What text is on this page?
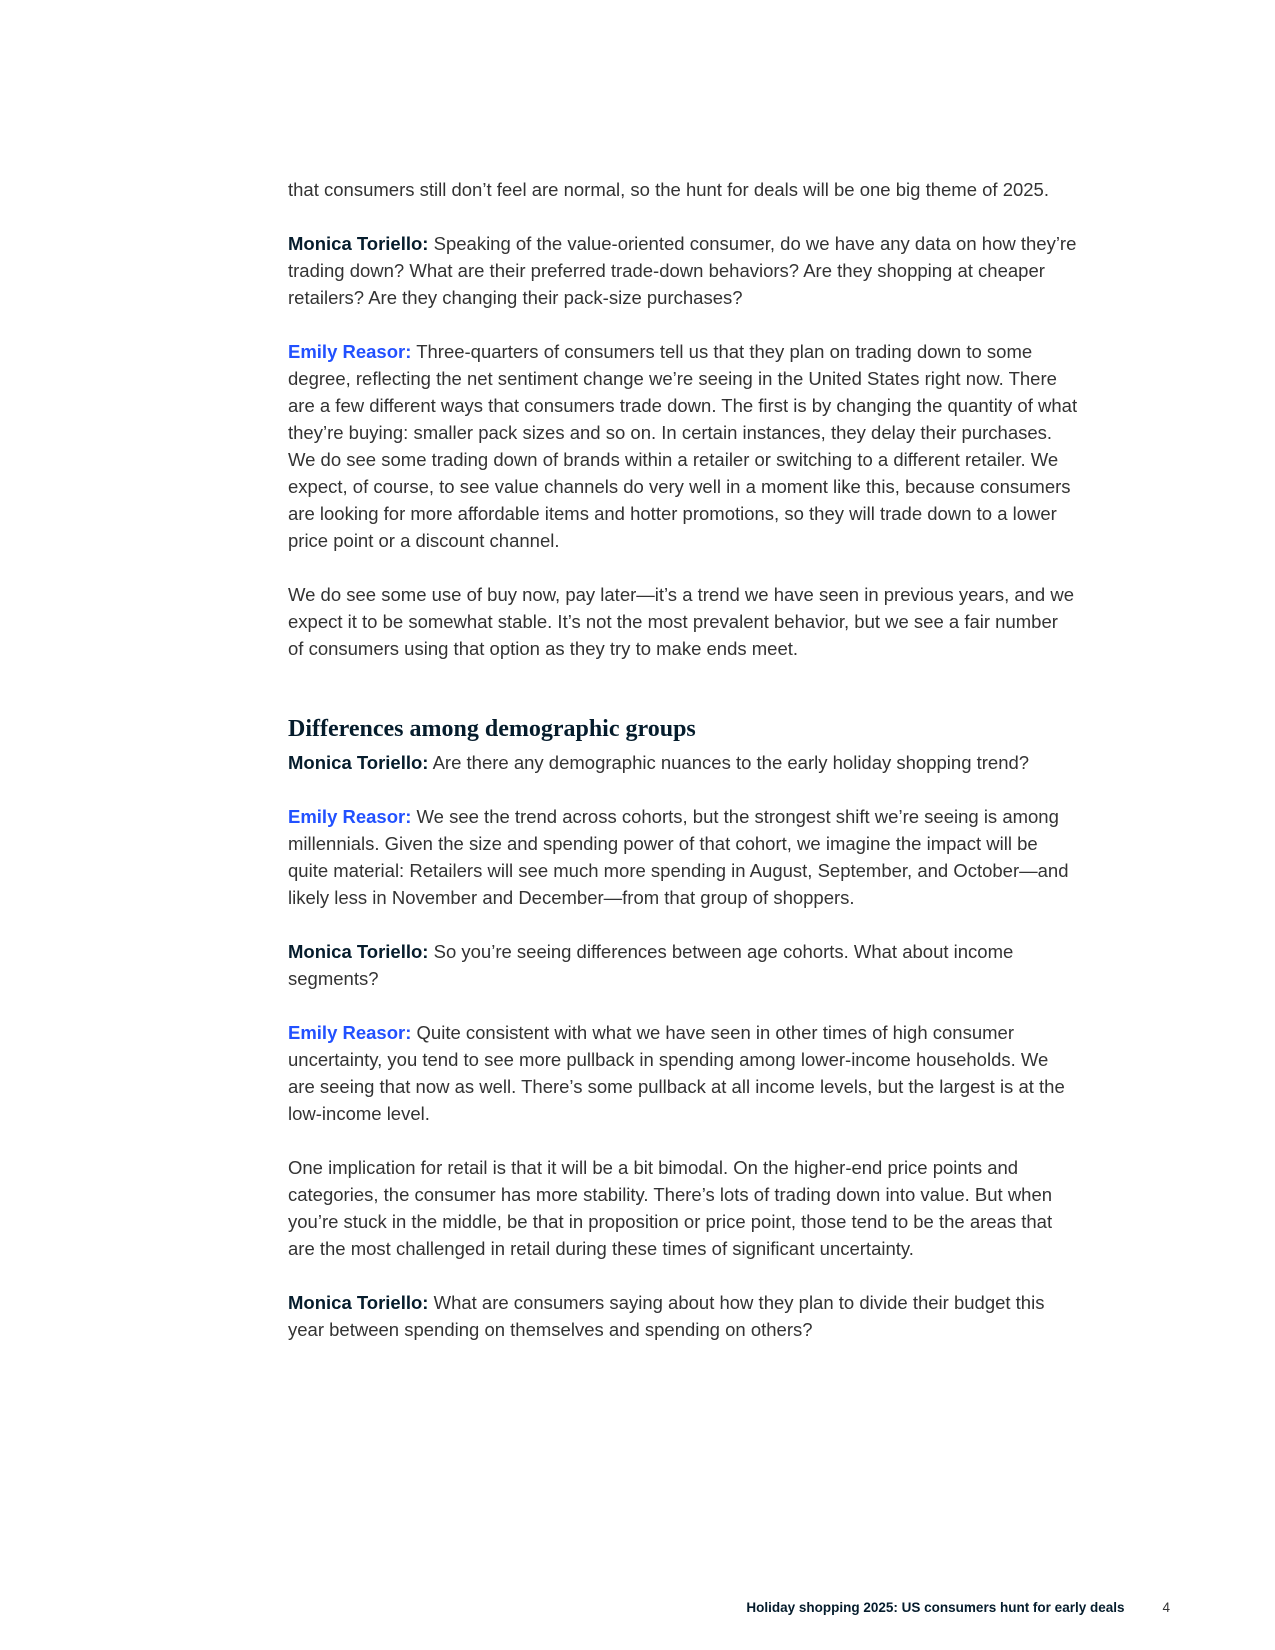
that consumers still don’t feel are normal, so the hunt for deals will be one big theme of 2025.

Monica Toriello: Speaking of the value-oriented consumer, do we have any data on how they’re trading down? What are their preferred trade-down behaviors? Are they shopping at cheaper retailers? Are they changing their pack-size purchases?

Emily Reasor: Three-quarters of consumers tell us that they plan on trading down to some degree, reflecting the net sentiment change we’re seeing in the United States right now. There are a few different ways that consumers trade down. The first is by changing the quantity of what they’re buying: smaller pack sizes and so on. In certain instances, they delay their purchases. We do see some trading down of brands within a retailer or switching to a different retailer. We expect, of course, to see value channels do very well in a moment like this, because consumers are looking for more affordable items and hotter promotions, so they will trade down to a lower price point or a discount channel.

We do see some use of buy now, pay later—it’s a trend we have seen in previous years, and we expect it to be somewhat stable. It’s not the most prevalent behavior, but we see a fair number of consumers using that option as they try to make ends meet.

Differences among demographic groups

Monica Toriello: Are there any demographic nuances to the early holiday shopping trend?

Emily Reasor: We see the trend across cohorts, but the strongest shift we’re seeing is among millennials. Given the size and spending power of that cohort, we imagine the impact will be quite material: Retailers will see much more spending in August, September, and October—and likely less in November and December—from that group of shoppers.

Monica Toriello: So you’re seeing differences between age cohorts. What about income segments?

Emily Reasor: Quite consistent with what we have seen in other times of high consumer uncertainty, you tend to see more pullback in spending among lower-income households. We are seeing that now as well. There’s some pullback at all income levels, but the largest is at the low-income level.

One implication for retail is that it will be a bit bimodal. On the higher-end price points and categories, the consumer has more stability. There’s lots of trading down into value. But when you’re stuck in the middle, be that in proposition or price point, those tend to be the areas that are the most challenged in retail during these times of significant uncertainty.

Monica Toriello: What are consumers saying about how they plan to divide their budget this year between spending on themselves and spending on others?

Holiday shopping 2025: US consumers hunt for early deals	4
